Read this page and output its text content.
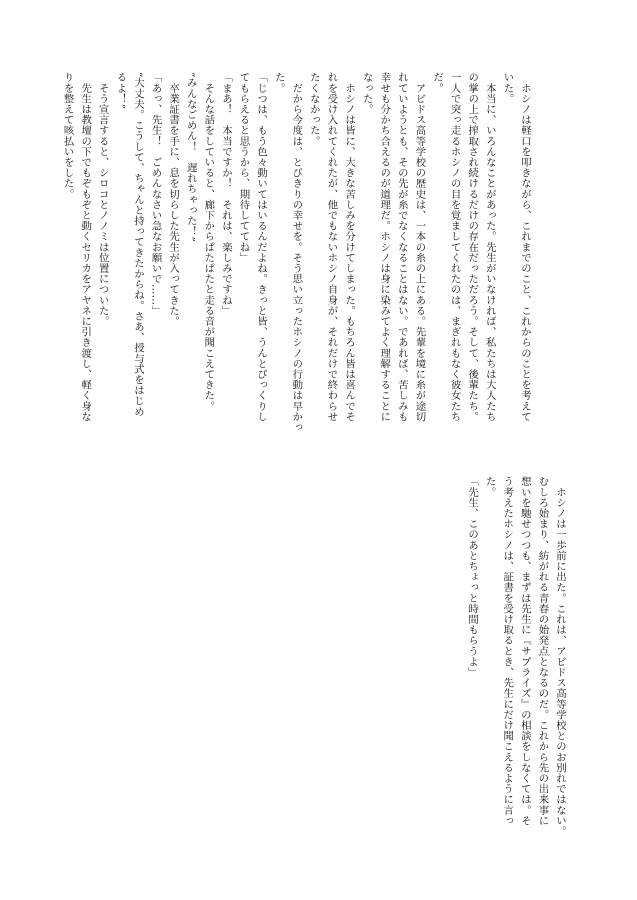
　ホシノは軽口を叩きながら、これまでのこと、これからのことを考えて
いた。
　本当に、いろんなことがあった。先生がいなければ、私たちは大人たち
の掌の上で搾取され続けるだけの存在だっただろう。そして、後輩たち。
一人で突っ走るホシノの目を覚ましてくれたのは、まぎれもなく彼女たち
だ。
　アビドス高等学校の歴史は、一本の糸の上にある。先輩を境に糸が途切
れていようとも、その先が糸でなくなることはない。であれば、苦しみも
幸せも分かち合えるのが道理だ。ホシノは身に染みてよく理解することに
なった。
　ホシノは皆に、大きな苦しみを分けてしまった。もちろん皆は喜んでそ
れを受け入れてくれたが、他でもないホシノ自身が、それだけで終わらせ
たくなかった。
　だから今度は、とびきりの幸せを。そう思い立ったホシノの行動は早かっ
た。
「じつは、もう色々動いてはいるんだよね。きっと皆、うんとびっくりし
てもらえると思うから、期待しててね」
「まあ！　本当ですか！　それは、楽しみですね」
　そんな話をしていると、廊下からぱたぱたと走る音が聞こえてきた。
“みんなごめん！　遅れちゃった！”
　卒業証書を手に、息を切らした先生が入ってきた。
「あっ、先生！　ごめんなさい急なお願いで……」
“大丈夫。こうして、ちゃんと持ってきたからね。さあ、授与式をはじめ
るよ！”
　そう宣言すると、シロコとノノミは位置についた。
　先生は教壇の下でもぞもぞと動くセリカをアヤネに引き渡し、軽く身な
りを整えて咳払いをした。
　ホシノは一歩前に出た。これは、アビドス高等学校とのお別れではない。
むしろ始まり、紡がれる青春の始発点となるのだ。これから先の出来事に
想いを馳せつつも、まずは先生に『サプライズ』の相談をしなくては。そ
う考えたホシノは、証書を受け取るとき、先生にだけ聞こえるように言っ
た。
「先生、このあとちょっと時間もらうよ」
